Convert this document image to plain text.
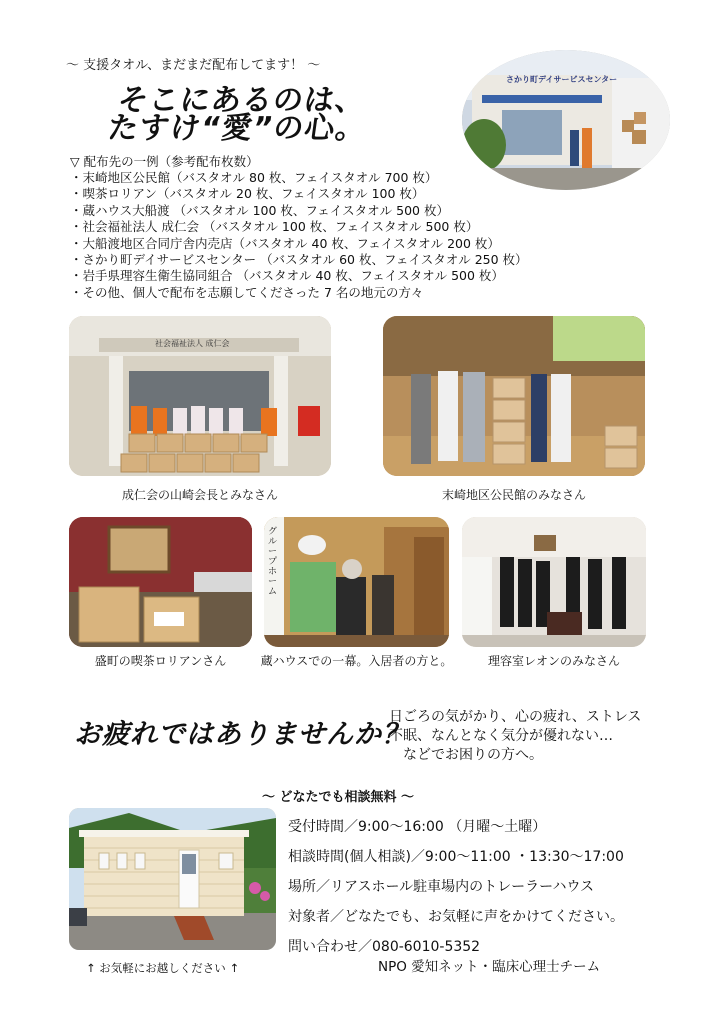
～ 支援タオル、まだまだ配布してます！ ～
そこにあるのは、
たすけ“愛”の心。
さかり町デイサービスセンター
▽ 配布先の一例（参考配布枚数）
・ 末崎地区公民館（バスタオル 80 枚、フェイスタオル 700 枚）
・ 喫茶ロリアン（バスタオル 20 枚、フェイスタオル 100 枚）
・ 蔵ハウス大船渡 （バスタオル 100 枚、フェイスタオル 500 枚）
・ 社会福祉法人 成仁会 （バスタオル 100 枚、フェイスタオル 500 枚）
・ 大船渡地区合同庁舎内売店（バスタオル 40 枚、フェイスタオル 200 枚）
・ さかり町デイサービスセンター （バスタオル 60 枚、フェイスタオル 250 枚）
・ 岩手県理容生衛生協同組合 （バスタオル 40 枚、フェイスタオル 500 枚）
・ その他、個人で配布を志願してくださった 7 名の地元の方々
社会福祉法人 成仁会
成仁会の山崎会長とみなさん	末崎地区公民館のみなさん
盛町の喫茶ロリアンさん
グループホーム
蔵ハウスでの一幕。入居者の方と。	理容室レオンのみなさん
お疲れではありませんか？
日ごろの気がかり、心の疲れ、ストレス
不眠、なんとなく気分が優れない…
などでお困りの方へ。
～ どなたでも相談無料 ～
↑ お気軽にお越しください ↑
受付時間／9:00～16:00 （月曜～土曜）
相談時間(個人相談)／9:00～11:00 ・13:30～17:00
場所／リアスホール駐車場内のトレーラーハウス
対象者／どなたでも、お気軽に声をかけてください。
問い合わせ／080-6010-5352
NPO 愛知ネット・臨床心理士チーム
